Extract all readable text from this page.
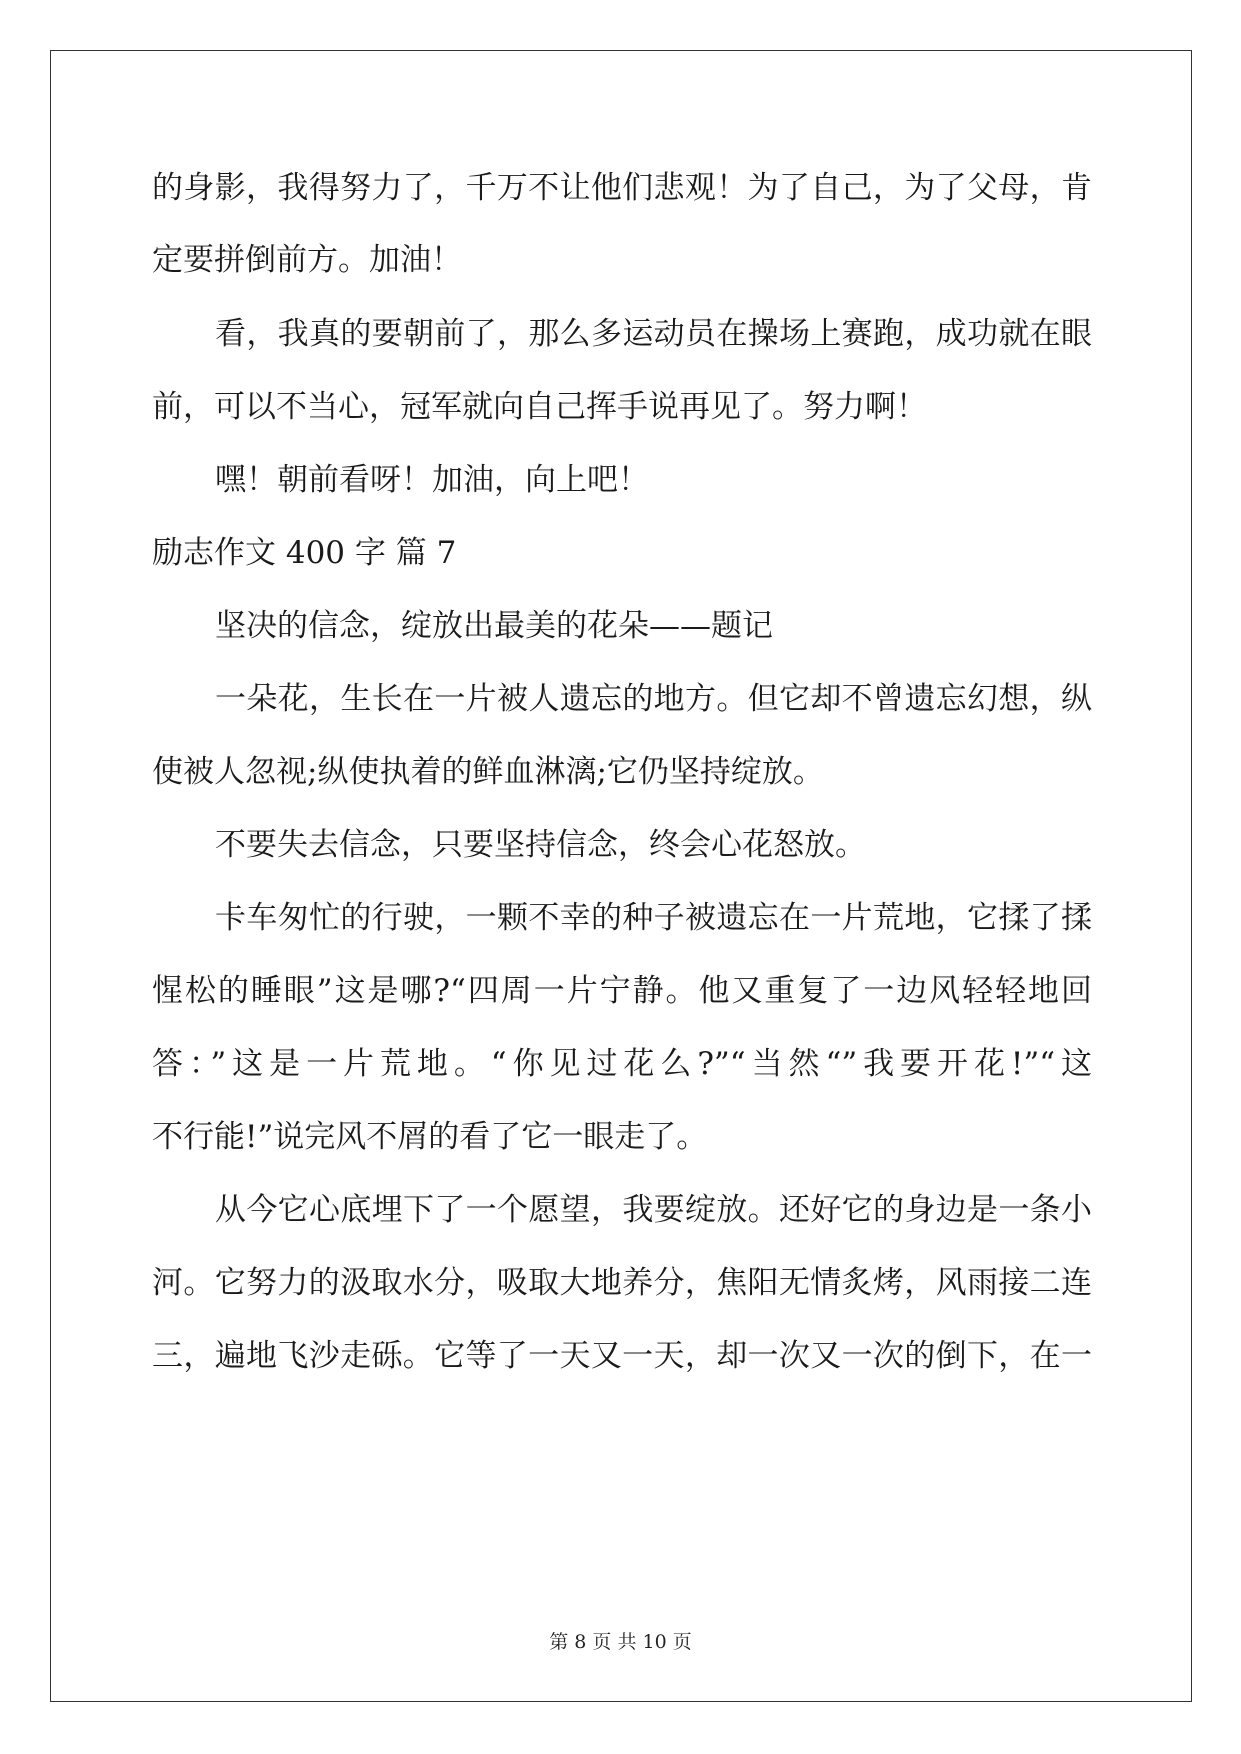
的身影，我得努力了，千万不让他们悲观！为了自己，为了父母，肯
定要拼倒前方。加油！
看，我真的要朝前了，那么多运动员在操场上赛跑，成功就在眼
前，可以不当心，冠军就向自己挥手说再见了。努力啊！
嘿！朝前看呀！加油，向上吧！
励志作文 400 字 篇 7
坚决的信念，绽放出最美的花朵——题记
一朵花，生长在一片被人遗忘的地方。但它却不曾遗忘幻想，纵
使被人忽视;纵使执着的鲜血淋漓;它仍坚持绽放。
不要失去信念，只要坚持信念，终会心花怒放。
卡车匆忙的行驶，一颗不幸的种子被遗忘在一片荒地，它揉了揉
惺松的睡眼”这是哪?“四周一片宁静。他又重复了一边风轻轻地回
答：”这是一片荒地。“你见过花么?”“当然“”我要开花!”“这
不行能!”说完风不屑的看了它一眼走了。
从今它心底埋下了一个愿望，我要绽放。还好它的身边是一条小
河。它努力的汲取水分，吸取大地养分，焦阳无情炙烤，风雨接二连
三，遍地飞沙走砾。它等了一天又一天，却一次又一次的倒下，在一
第 8 页 共 10 页
